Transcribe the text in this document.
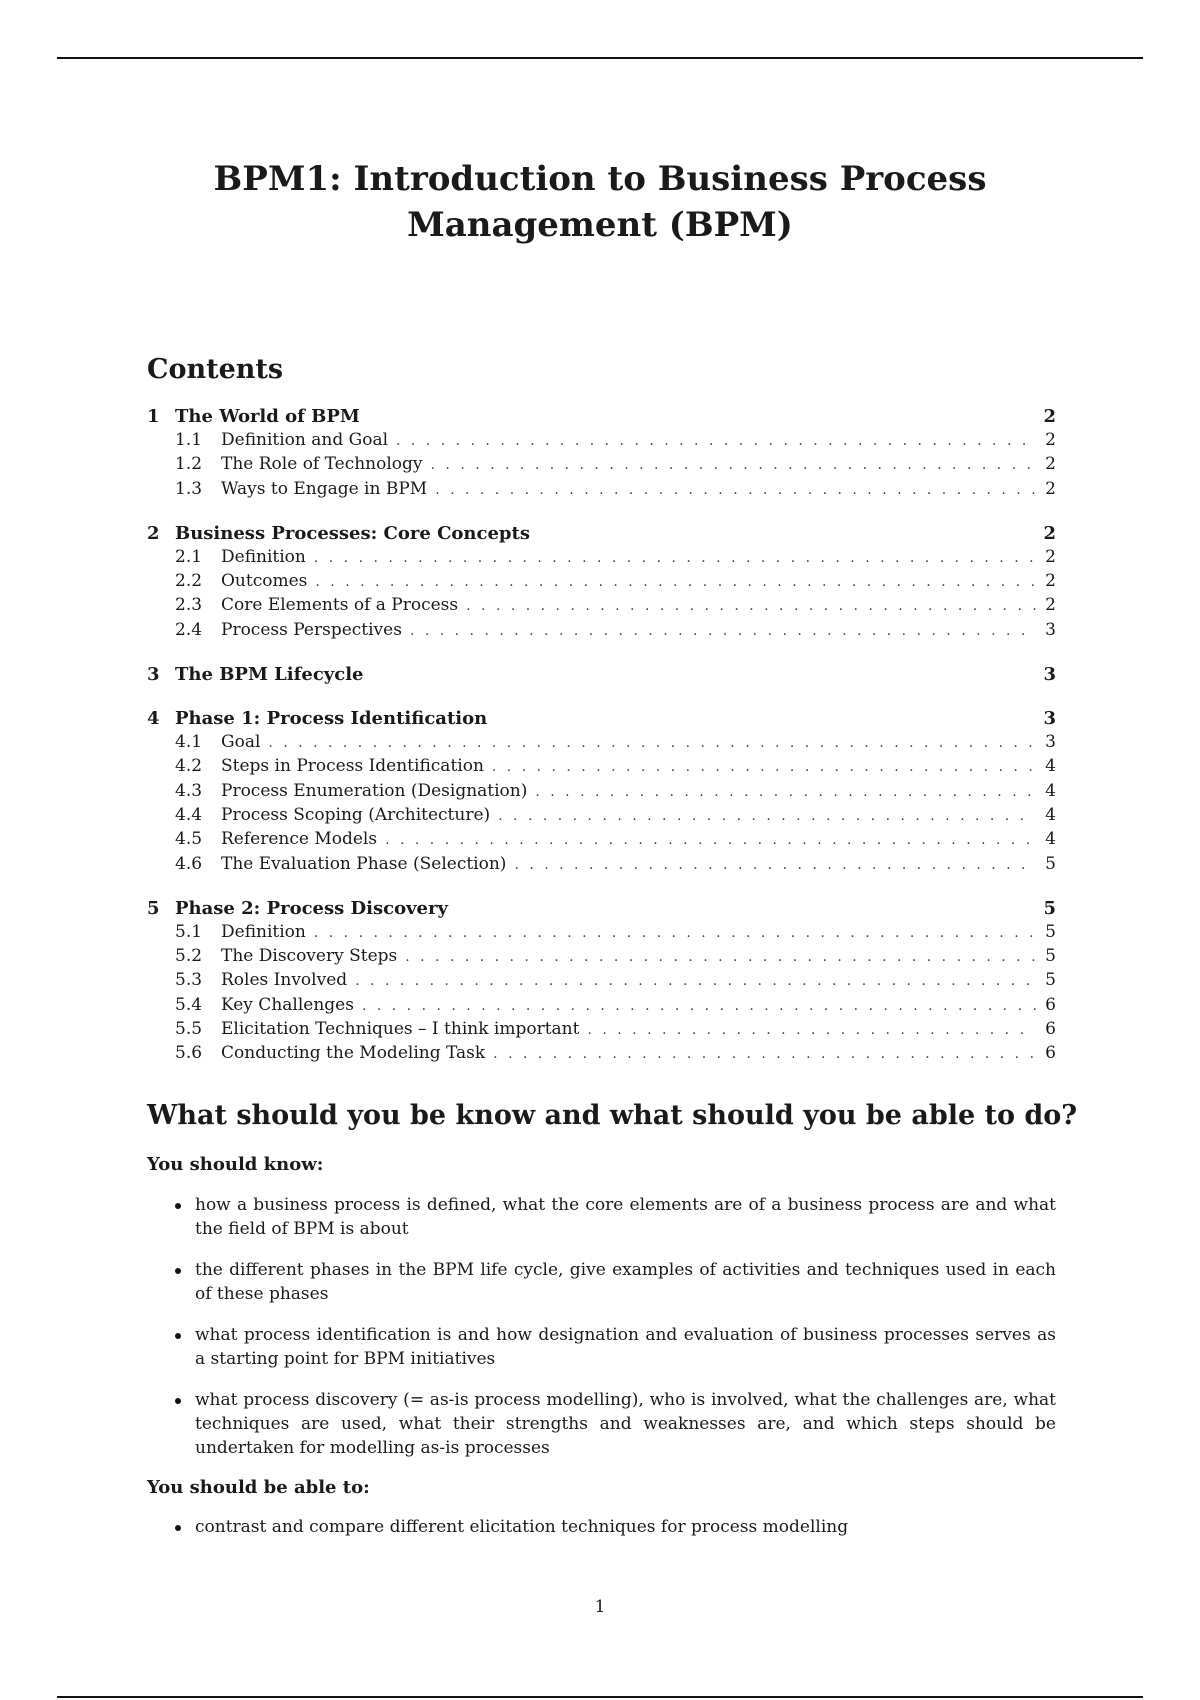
BPM1: Introduction to Business Process
Management (BPM)
Contents
1 The World of BPM	2
1.1	Definition and Goal . . .	2
1.2	The Role of Technology . . .	2
1.3	Ways to Engage in BPM . . .	2
2 Business Processes: Core Concepts	2
2.1	Definition . . .	2
2.2	Outcomes . . .	2
2.3	Core Elements of a Process . . .	2
2.4	Process Perspectives . . .	3
3 The BPM Lifecycle	3
4 Phase 1: Process Identification	3
4.1	Goal . . .	3
4.2	Steps in Process Identification . . .	4
4.3	Process Enumeration (Designation) . . .	4
4.4	Process Scoping (Architecture) . . .	4
4.5	Reference Models . . .	4
4.6	The Evaluation Phase (Selection) . . .	5
5 Phase 2: Process Discovery	5
5.1	Definition . . .	5
5.2	The Discovery Steps . . .	5
5.3	Roles Involved . . .	5
5.4	Key Challenges . . .	6
5.5	Elicitation Techniques – I think important . . .	6
5.6	Conducting the Modeling Task . . .	6
What should you be know and what should you be able to do?
You should know:
how a business process is defined, what the core elements are of a business process are and what the field of BPM is about
the different phases in the BPM life cycle, give examples of activities and techniques used in each of these phases
what process identification is and how designation and evaluation of business processes serves as a starting point for BPM initiatives
what process discovery (= as-is process modelling), who is involved, what the challenges are, what techniques are used, what their strengths and weaknesses are, and which steps should be undertaken for modelling as-is processes
You should be able to:
contrast and compare different elicitation techniques for process modelling
1
